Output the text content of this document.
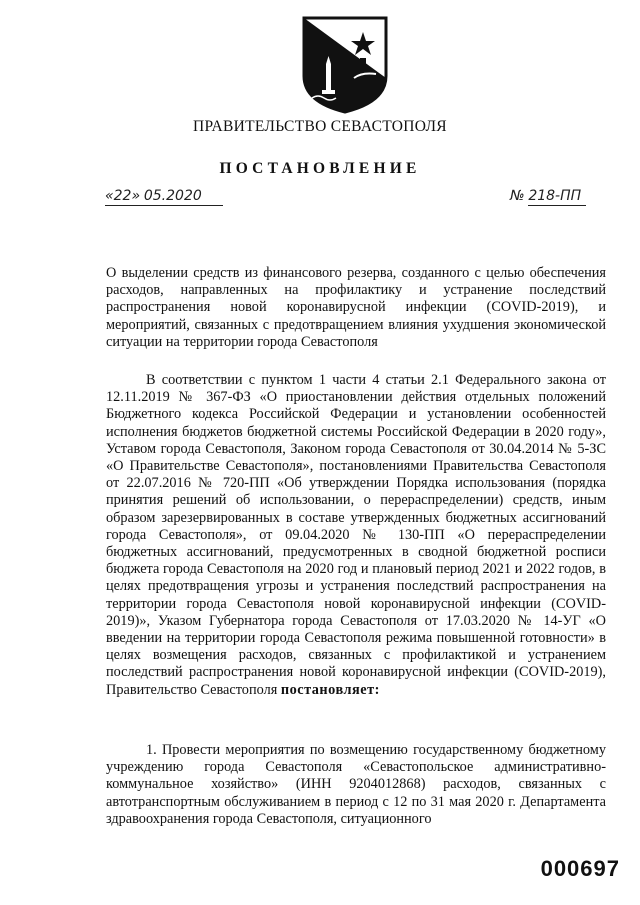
ПРАВИТЕЛЬСТВО СЕВАСТОПОЛЯ
ПОСТАНОВЛЕНИЕ
«22» 05.2020	№ 218-ПП

О выделении средств из финансового резерва, созданного с целью обеспечения расходов, направленных на профилактику и устранение последствий распространения новой коронавирусной инфекции (COVID-2019), и мероприятий, связанных с предотвращением влияния ухудшения экономической ситуации на территории города Севастополя

В соответствии с пунктом 1 части 4 статьи 2.1 Федерального закона от 12.11.2019 № 367-ФЗ «О приостановлении действия отдельных положений Бюджетного кодекса Российской Федерации и установлении особенностей исполнения бюджетов бюджетной системы Российской Федерации в 2020 году», Уставом города Севастополя, Законом города Севастополя от 30.04.2014 № 5-ЗС «О Правительстве Севастополя», постановлениями Правительства Севастополя от 22.07.2016 № 720-ПП «Об утверждении Порядка использования (порядка принятия решений об использовании, о перераспределении) средств, иным образом зарезервированных в составе утвержденных бюджетных ассигнований города Севастополя», от 09.04.2020 № 130-ПП «О перераспределении бюджетных ассигнований, предусмотренных в сводной бюджетной росписи бюджета города Севастополя на 2020 год и плановый период 2021 и 2022 годов, в целях предотвращения угрозы и устранения последствий распространения на территории города Севастополя новой коронавирусной инфекции (COVID-2019)», Указом Губернатора города Севастополя от 17.03.2020 № 14-УГ «О введении на территории города Севастополя режима повышенной готовности» в целях возмещения расходов, связанных с профилактикой и устранением последствий распространения новой коронавирусной инфекции (COVID-2019), Правительство Севастополя постановляет:

1. Провести мероприятия по возмещению государственному бюджетному учреждению города Севастополя «Севастопольское административно-коммунальное хозяйство» (ИНН 9204012868) расходов, связанных с автотранспортным обслуживанием в период с 12 по 31 мая 2020 г. Департамента здравоохранения города Севастополя, ситуационного

000697
